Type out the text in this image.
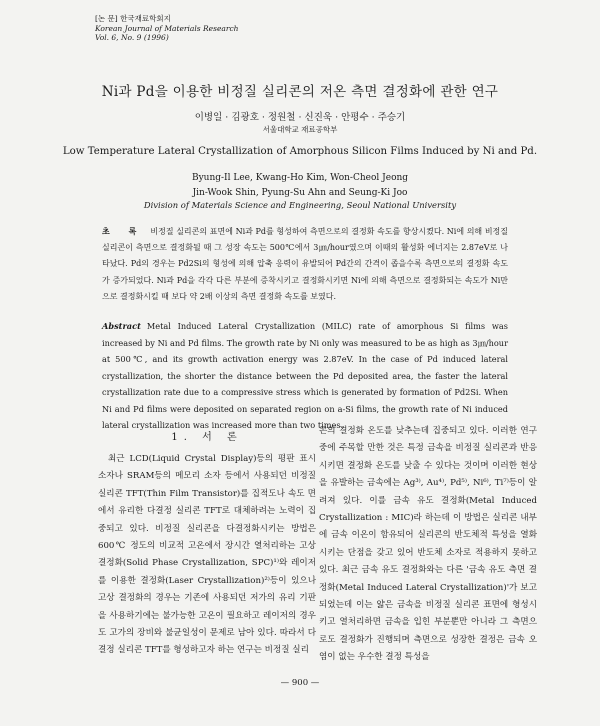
[논 문] 한국재료학회지
Korean Journal of Materials Research
Vol. 6, No. 9 (1996)
Ni과 Pd을 이용한 비정질 실리콘의 저온 측면 결정화에 관한 연구
이병일 · 김광호 · 정원철 · 신진욱 · 안평수 · 주승기
서울대학교 재료공학부
Low Temperature Lateral Crystallization of Amorphous Silicon Films Induced by Ni and Pd.
Byung-Il Lee, Kwang-Ho Kim, Won-Cheol Jeong
Jin-Wook Shin, Pyung-Su Ahn and Seung-Ki Joo
Division of Materials Science and Engineering, Seoul National University
초 록 비정질 실리콘의 표면에 Ni과 Pd를 형성하여 측면으로의 결정화 속도를 향상시켰다. Ni에 의해 비정질 실리콘이 측면으로 결정화될 때 그 성장 속도는 500℃에서 3㎛/hour였으며 이때의 활성화 에너지는 2.87eV로 나타났다. Pd의 경우는 Pd2Si의 형성에 의해 압축 응력이 유발되어 Pd간의 간격이 좁을수록 측면으로의 결정화 속도가 증가되었다. Ni과 Pd을 각각 다른 부분에 증착시키고 결정화시키면 Ni에 의해 측면으로 결정화되는 속도가 Ni만으로 결정화시킬 때 보다 약 2배 이상의 측면 결정화 속도를 보였다.
Abstract Metal Induced Lateral Crystallization (MILC) rate of amorphous Si films was increased by Ni and Pd films. The growth rate by Ni only was measured to be as high as 3㎛/hour at 500℃, and its growth activation energy was 2.87eV. In the case of Pd induced lateral crystallization, the shorter the distance between the Pd deposited area, the faster the lateral crystallization rate due to a compressive stress which is generated by formation of Pd2Si. When Ni and Pd films were deposited on separated region on a-Si films, the growth rate of Ni induced lateral crystallization was increased more than two times.
1. 서 론

최근 LCD(Liquid Crystal Display)등의 평판 표시 소자나 SRAM등의 메모리 소자 등에서 사용되던 비정질 실리콘 TFT(Thin Film Transistor)를 집적도나 속도 면에서 유리한 다결정 실리콘 TFT로 대체하려는 노력이 집중되고 있다. 비정질 실리콘을 다결정화시키는 방법은 600℃ 정도의 비교적 고온에서 장시간 열처리하는 고상 결정화(Solid Phase Crystallization, SPC)¹⁾와 레이저를 이용한 결정화(Laser Crystallization)²⁾등이 있으나 고상 결정화의 경우는 기존에 사용되던 저가의 유리 기판을 사용하기에는 불가능한 고온이 필요하고 레이저의 경우도 고가의 장비와 불균일성이 문제로 남아 있다. 따라서 다결정 실리콘 TFT를 형성하고자 하는 연구는 비정질 실리

콘의 결정화 온도를 낮추는데 집중되고 있다. 이러한 연구 중에 주목할 만한 것은 특정 금속을 비정질 실리콘과 반응시키면 결정화 온도를 낮출 수 있다는 것이며 이러한 현상을 유발하는 금속에는 Ag³⁾, Au⁴⁾, Pd⁵⁾, Ni⁶⁾, Ti⁷⁾등이 알려져 있다. 이를 금속 유도 결정화(Metal Induced Crystallization : MIC)라 하는데 이 방법은 실리콘 내부에 금속 이온이 함유되어 실리콘의 반도체적 특성을 열화시키는 단점을 갖고 있어 반도체 소자로 적용하지 못하고 있다. 최근 금속 유도 결정화와는 다른 '금속 유도 측면 결정화(Metal Induced Lateral Crystallization)'가 보고되었는데 이는 얇은 금속을 비정질 실리콘 표면에 형성시키고 열처리하면 금속을 입힌 부분뿐만 아니라 그 측면으로도 결정화가 진행되며 측면으로 성장한 결정은 금속 오염이 없는 우수한 결정 특성을

— 900 —
